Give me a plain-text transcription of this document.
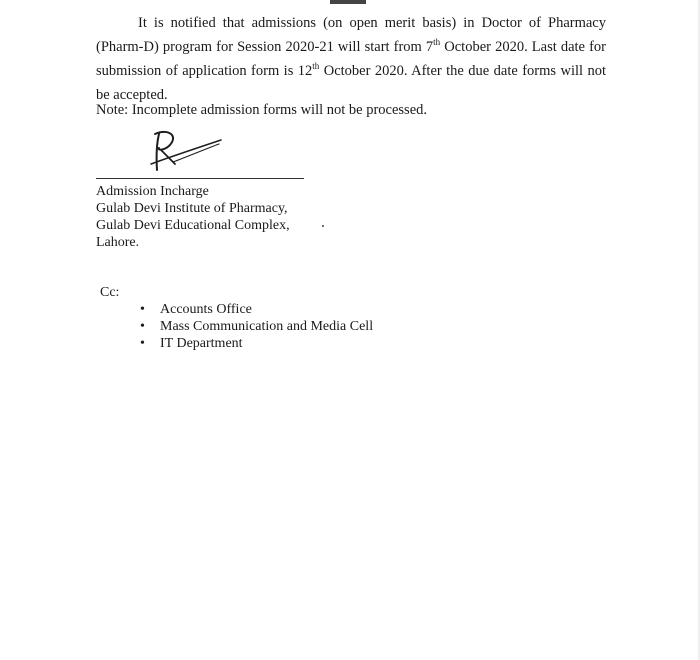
It is notified that admissions (on open merit basis) in Doctor of Pharmacy (Pharm-D) program for Session 2020-21 will start from 7th October 2020. Last date for submission of application form is 12th October 2020. After the due date forms will not be accepted.

Note: Incomplete admission forms will not be processed.

Admission Incharge
Gulab Devi Institute of Pharmacy,
Gulab Devi Educational Complex,
Lahore.
Cc:
• Accounts Office
• Mass Communication and Media Cell
• IT Department
